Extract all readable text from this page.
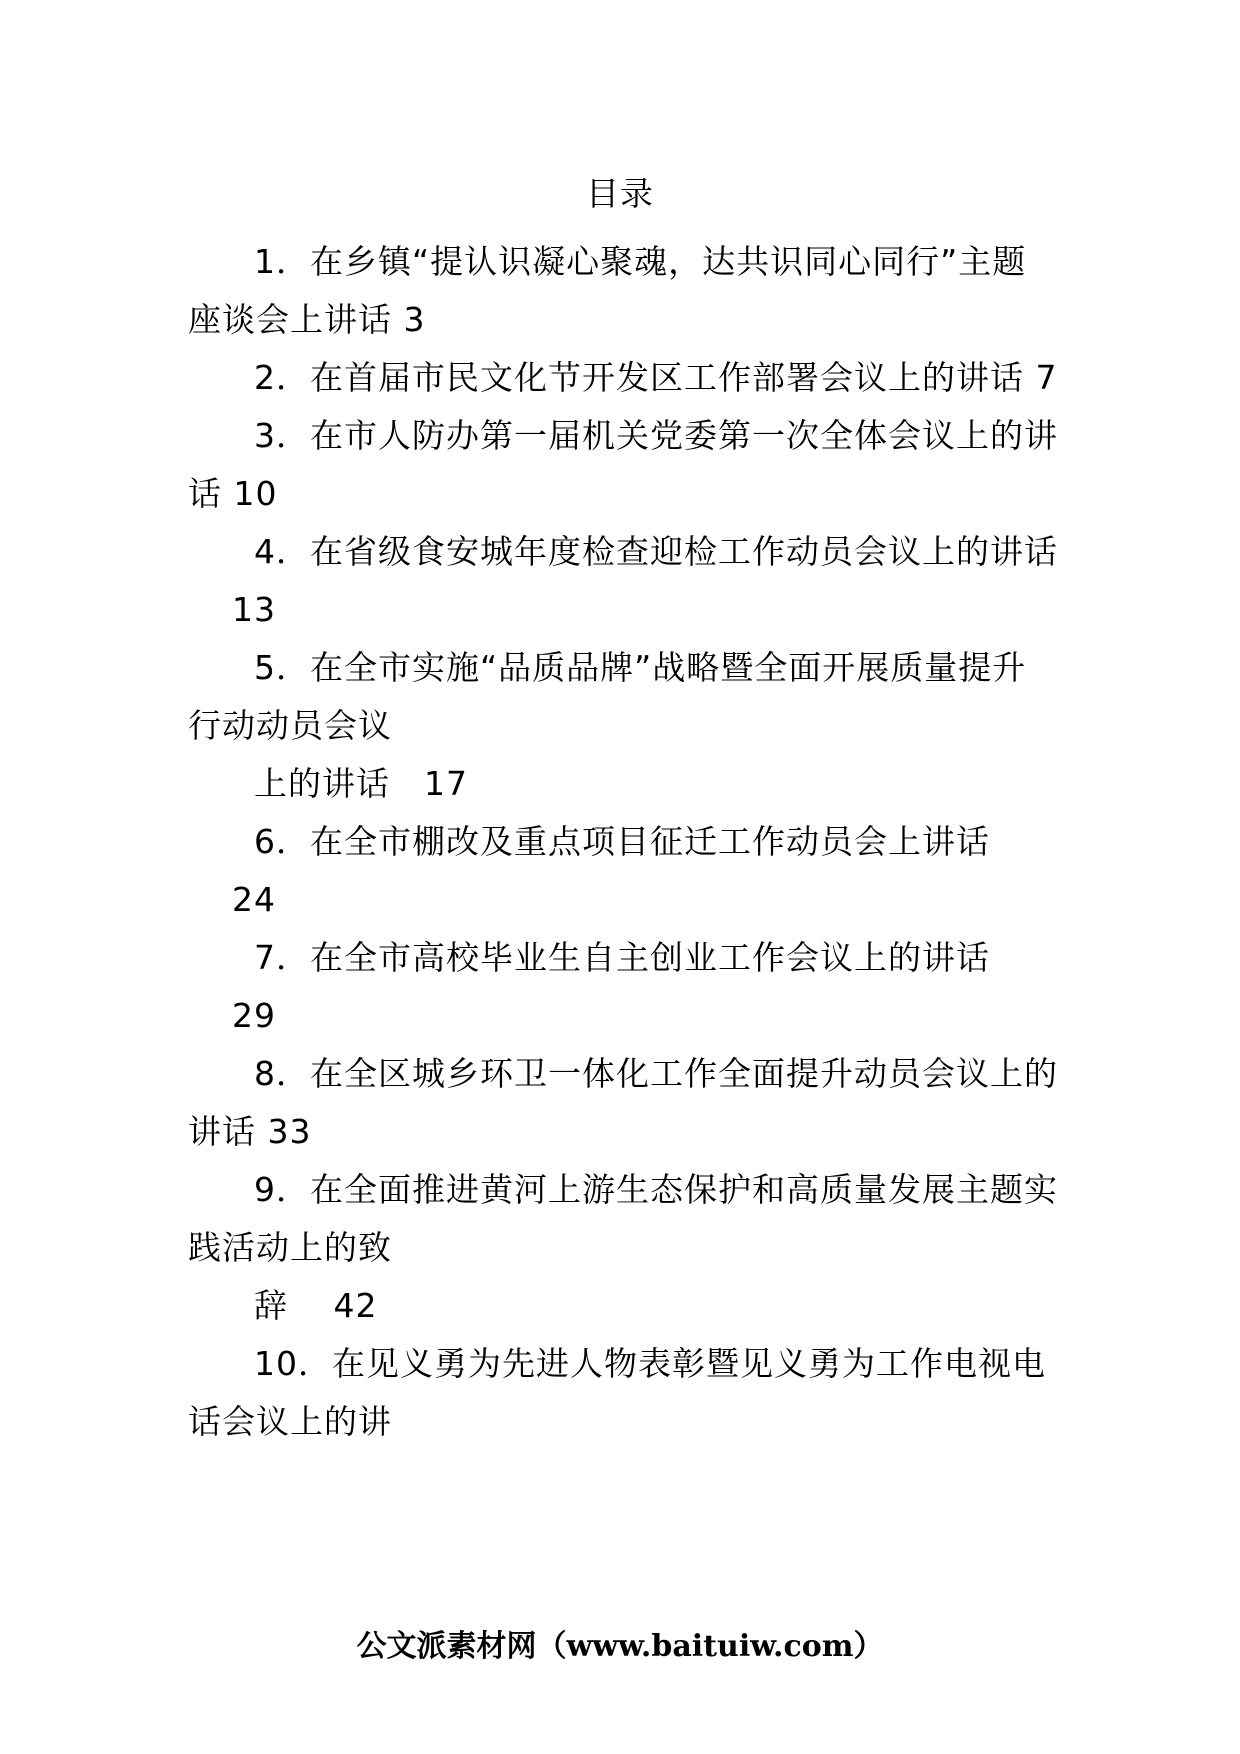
目录
1．在乡镇“提认识凝心聚魂，达共识同心同行”主题
座谈会上讲话 3
2．在首届市民文化节开发区工作部署会议上的讲话 7
3．在市人防办第一届机关党委第一次全体会议上的讲
话 10
4．在省级食安城年度检查迎检工作动员会议上的讲话
13
5．在全市实施“品质品牌”战略暨全面开展质量提升
行动动员会议
上的讲话　17
6．在全市棚改及重点项目征迁工作动员会上讲话
24
7．在全市高校毕业生自主创业工作会议上的讲话
29
8．在全区城乡环卫一体化工作全面提升动员会议上的
讲话 33
9．在全面推进黄河上游生态保护和高质量发展主题实
践活动上的致
辞　 42
10．在见义勇为先进人物表彰暨见义勇为工作电视电
话会议上的讲
公文派素材网（www.baituiw.com）
